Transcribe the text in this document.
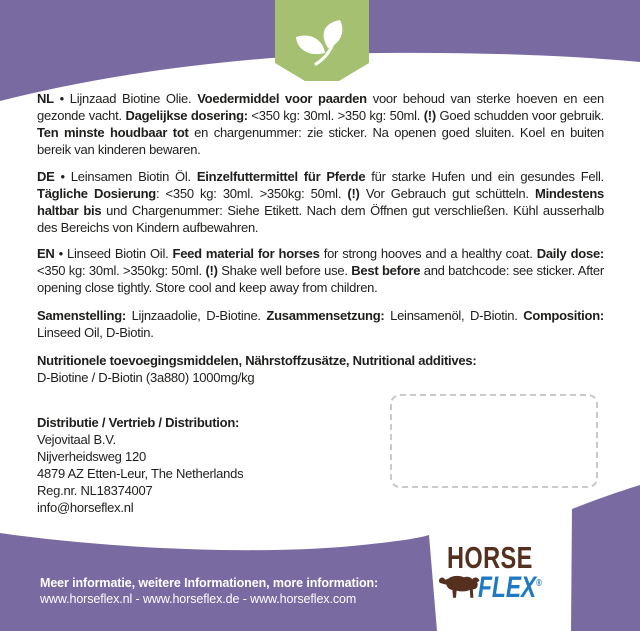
NL • Lijnzaad Biotine Olie. Voedermiddel voor paarden voor behoud van sterke hoeven en een gezonde vacht. Dagelijkse dosering: <350 kg: 30ml. >350 kg: 50ml. (!) Goed schudden voor gebruik. Ten minste houdbaar tot en chargenummer: zie sticker. Na openen goed sluiten. Koel en buiten bereik van kinderen bewaren.

DE • Leinsamen Biotin Öl. Einzelfuttermittel für Pferde für starke Hufen und ein gesundes Fell. Tägliche Dosierung: <350 kg: 30ml. >350kg: 50ml. (!) Vor Gebrauch gut schütteln. Mindestens haltbar bis und Chargenummer: Siehe Etikett. Nach dem Öffnen gut verschließen. Kühl ausserhalb des Bereichs von Kindern aufbewahren.

EN • Linseed Biotin Oil. Feed material for horses for strong hooves and a healthy coat. Daily dose: <350 kg: 30ml. >350kg: 50ml. (!) Shake well before use. Best before and batchcode: see sticker. After opening close tightly. Store cool and keep away from children.

Samenstelling: Lijnzaadolie, D-Biotine. Zusammensetzung: Leinsamenöl, D-Biotin. Composition: Linseed Oil, D-Biotin.

Nutritionele toevoegingsmiddelen, Nährstoffzusätze, Nutritional additives:
D-Biotine / D-Biotin (3a880) 1000mg/kg
Distributie / Vertrieb / Distribution:
Vejovitaal B.V.
Nijverheidsweg 120
4879 AZ Etten-Leur, The Netherlands
Reg.nr. NL18374007
info@horseflex.nl
Meer informatie, weitere Informationen, more information:
www.horseflex.nl - www.horseflex.de - www.horseflex.com
HORSE
FLEX®
